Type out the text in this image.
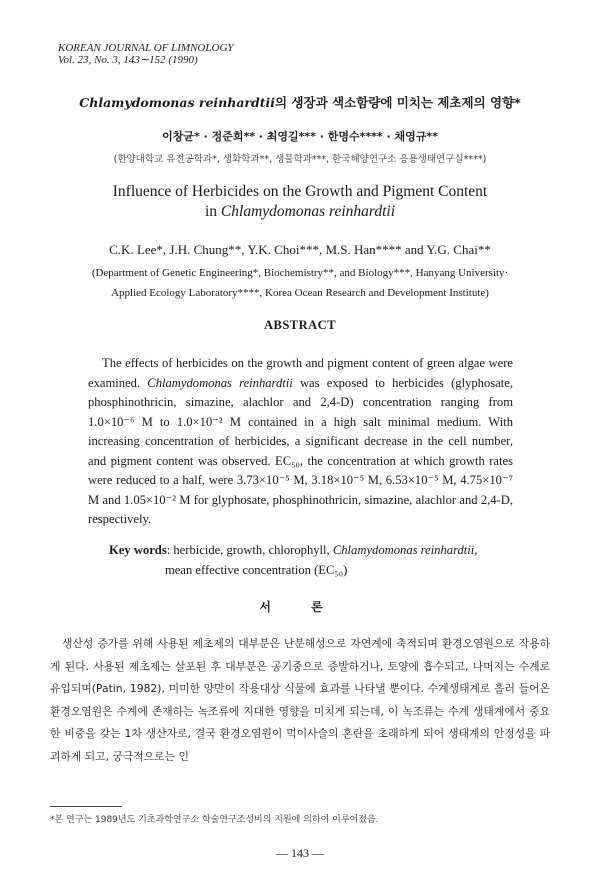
KOREAN JOURNAL OF LIMNOLOGY
Vol. 23, No. 3, 143∼152 (1990)
Chlamydomonas reinhardtii의 생장과 색소함량에 미치는 제초제의 영향*
이창균* · 정준희** · 최영길*** · 한명수**** · 채영규**
(한양대학교 유전공학과*, 생화학과**, 생물학과***, 한국해양연구소 응용생태연구실****)
Influence of Herbicides on the Growth and Pigment Content
in Chlamydomonas reinhardtii
C.K. Lee*, J.H. Chung**, Y.K. Choi***, M.S. Han**** and Y.G. Chai**
(Department of Genetic Engineering*, Biochemistry**, and Biology***, Hanyang University·
Applied Ecology Laboratory****, Korea Ocean Research and Development Institute)
ABSTRACT
The effects of herbicides on the growth and pigment content of green algae were examined. Chlamydomonas reinhardtii was exposed to herbicides (glyphosate, phosphinothricin, simazine, alachlor and 2,4-D) concentration ranging from 1.0×10⁻⁶ M to 1.0×10⁻² M contained in a high salt minimal medium. With increasing concentration of herbicides, a significant decrease in the cell number, and pigment content was observed. EC₅₀, the concentration at which growth rates were reduced to a half, were 3.73×10⁻⁵ M, 3.18×10⁻⁵ M, 6.53×10⁻⁵ M, 4.75×10⁻⁷ M and 1.05×10⁻² M for glyphosate, phosphinothricin, simazine, alachlor and 2,4-D, respectively.
Key words: herbicide, growth, chlorophyll, Chlamydomonas reinhardtii,
mean effective concentration (EC₅₀)
서 론
생산성 증가를 위해 사용된 제초제의 대부분은 난분해성으로 자연계에 축적되며 환경오염원으로 작용하게 된다. 사용된 제초제는 살포된 후 대부분은 공기중으로 증발하거나, 토양에 흡수되고, 나머지는 수계로 유입되며(Patin, 1982), 미미한 양만이 작용대상 식물에 효과를 나타낼 뿐이다. 수계생태계로 흘러 들어온 환경오염원은 수계에 존재하는 녹조류에 지대한 영향을 미치게 되는데, 이 녹조류는 수계 생태계에서 중요한 비중을 갖는 1차 생산자로, 결국 환경오염원이 먹이사슬의 혼란을 초래하게 되어 생태계의 안정성을 파괴하게 되고, 궁극적으로는 인
*본 연구는 1989년도 기초과학연구소 학술연구조성비의 지원에 의하여 이루어졌음.
— 143 —
